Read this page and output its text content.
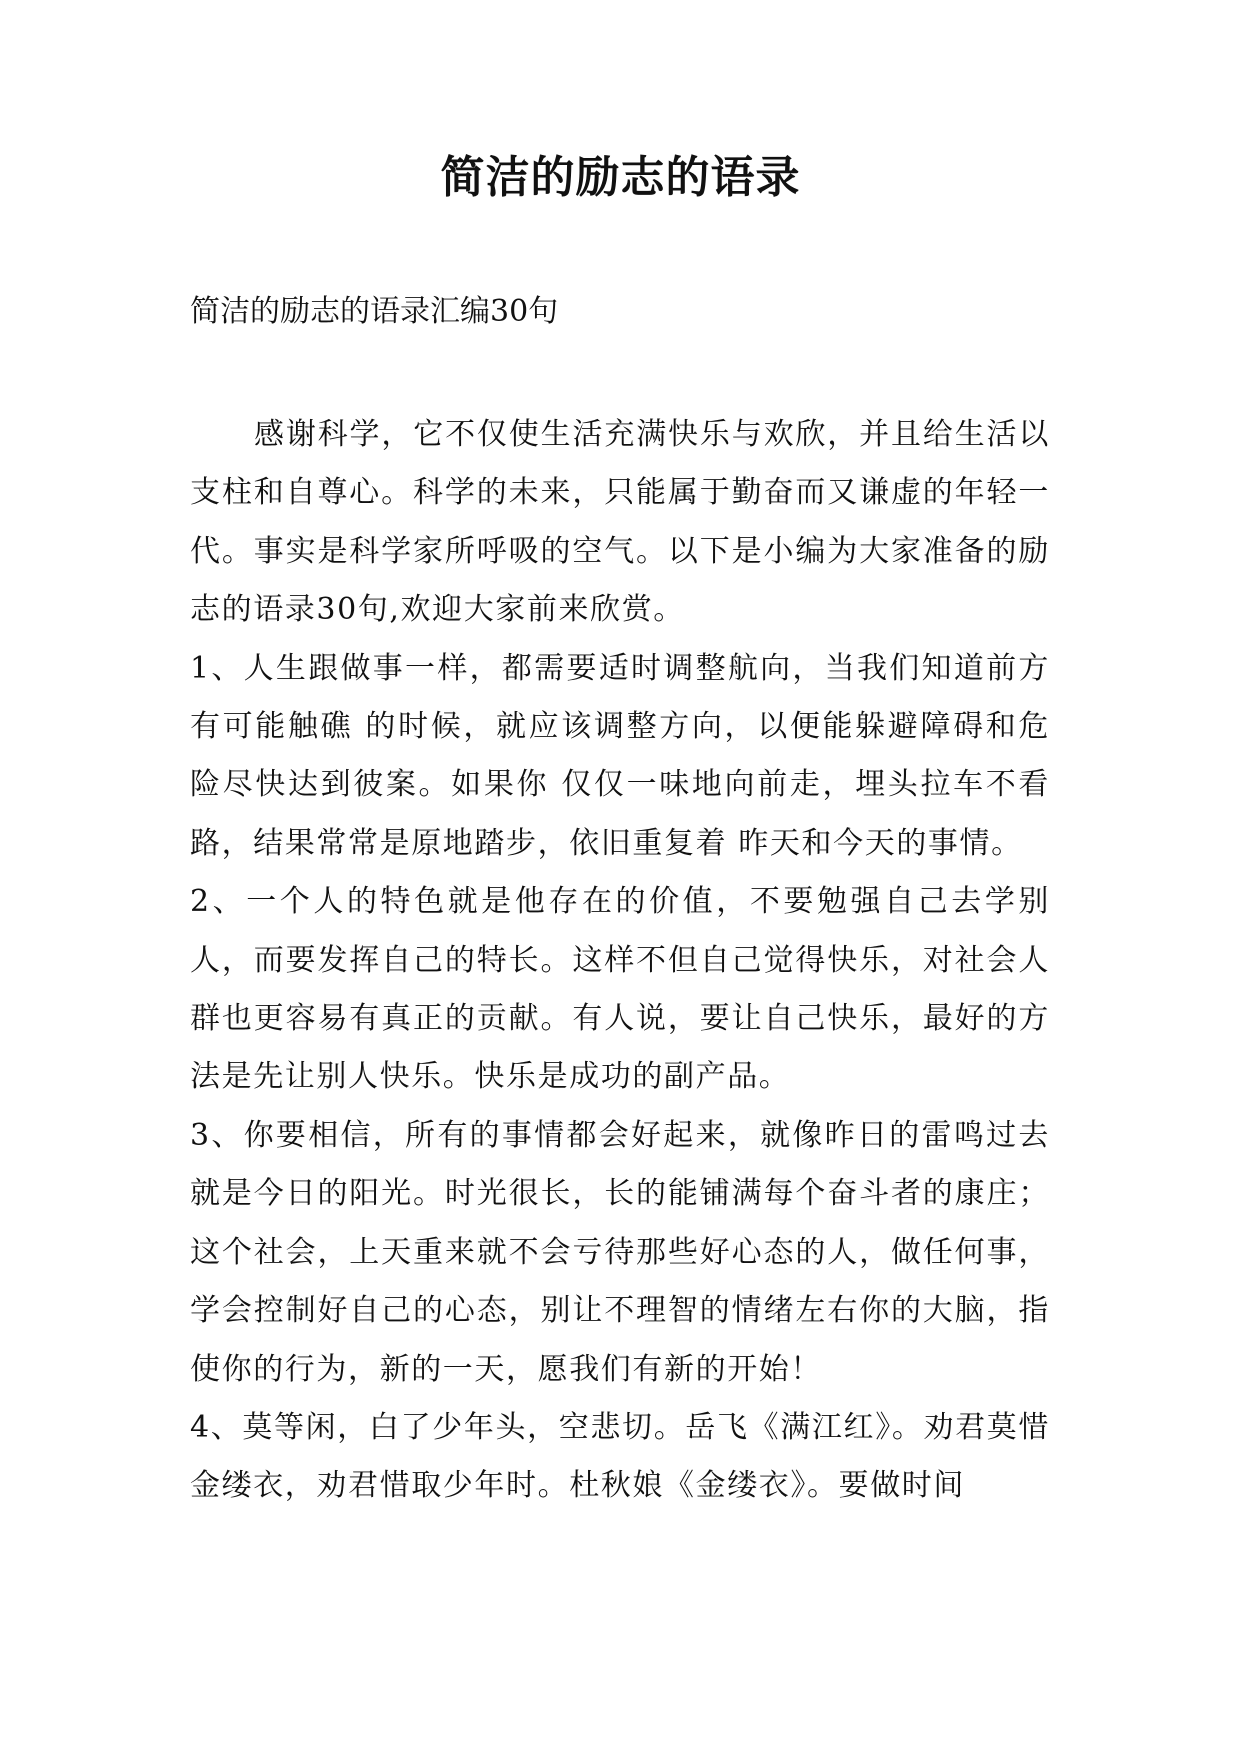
简洁的励志的语录

简洁的励志的语录汇编30句

感谢科学，它不仅使生活充满快乐与欢欣，并且给生活以支柱和自尊心。科学的未来，只能属于勤奋而又谦虚的年轻一代。事实是科学家所呼吸的空气。以下是小编为大家准备的励志的语录30句,欢迎大家前来欣赏。

1、人生跟做事一样，都需要适时调整航向，当我们知道前方有可能触礁 的时候，就应该调整方向，以便能躲避障碍和危险尽快达到彼案。如果你 仅仅一味地向前走，埋头拉车不看路，结果常常是原地踏步，依旧重复着 昨天和今天的事情。

2、一个人的特色就是他存在的价值，不要勉强自己去学别人，而要发挥自己的特长。这样不但自己觉得快乐，对社会人群也更容易有真正的贡献。有人说，要让自己快乐，最好的方法是先让别人快乐。快乐是成功的副产品。

3、你要相信，所有的事情都会好起来，就像昨日的雷鸣过去就是今日的阳光。时光很长，长的能铺满每个奋斗者的康庄；这个社会，上天重来就不会亏待那些好心态的人，做任何事，学会控制好自己的心态，别让不理智的情绪左右你的大脑，指使你的行为，新的一天，愿我们有新的开始！

4、莫等闲，白了少年头，空悲切。岳飞《满江红》。劝君莫惜金缕衣，劝君惜取少年时。杜秋娘《金缕衣》。要做时间
